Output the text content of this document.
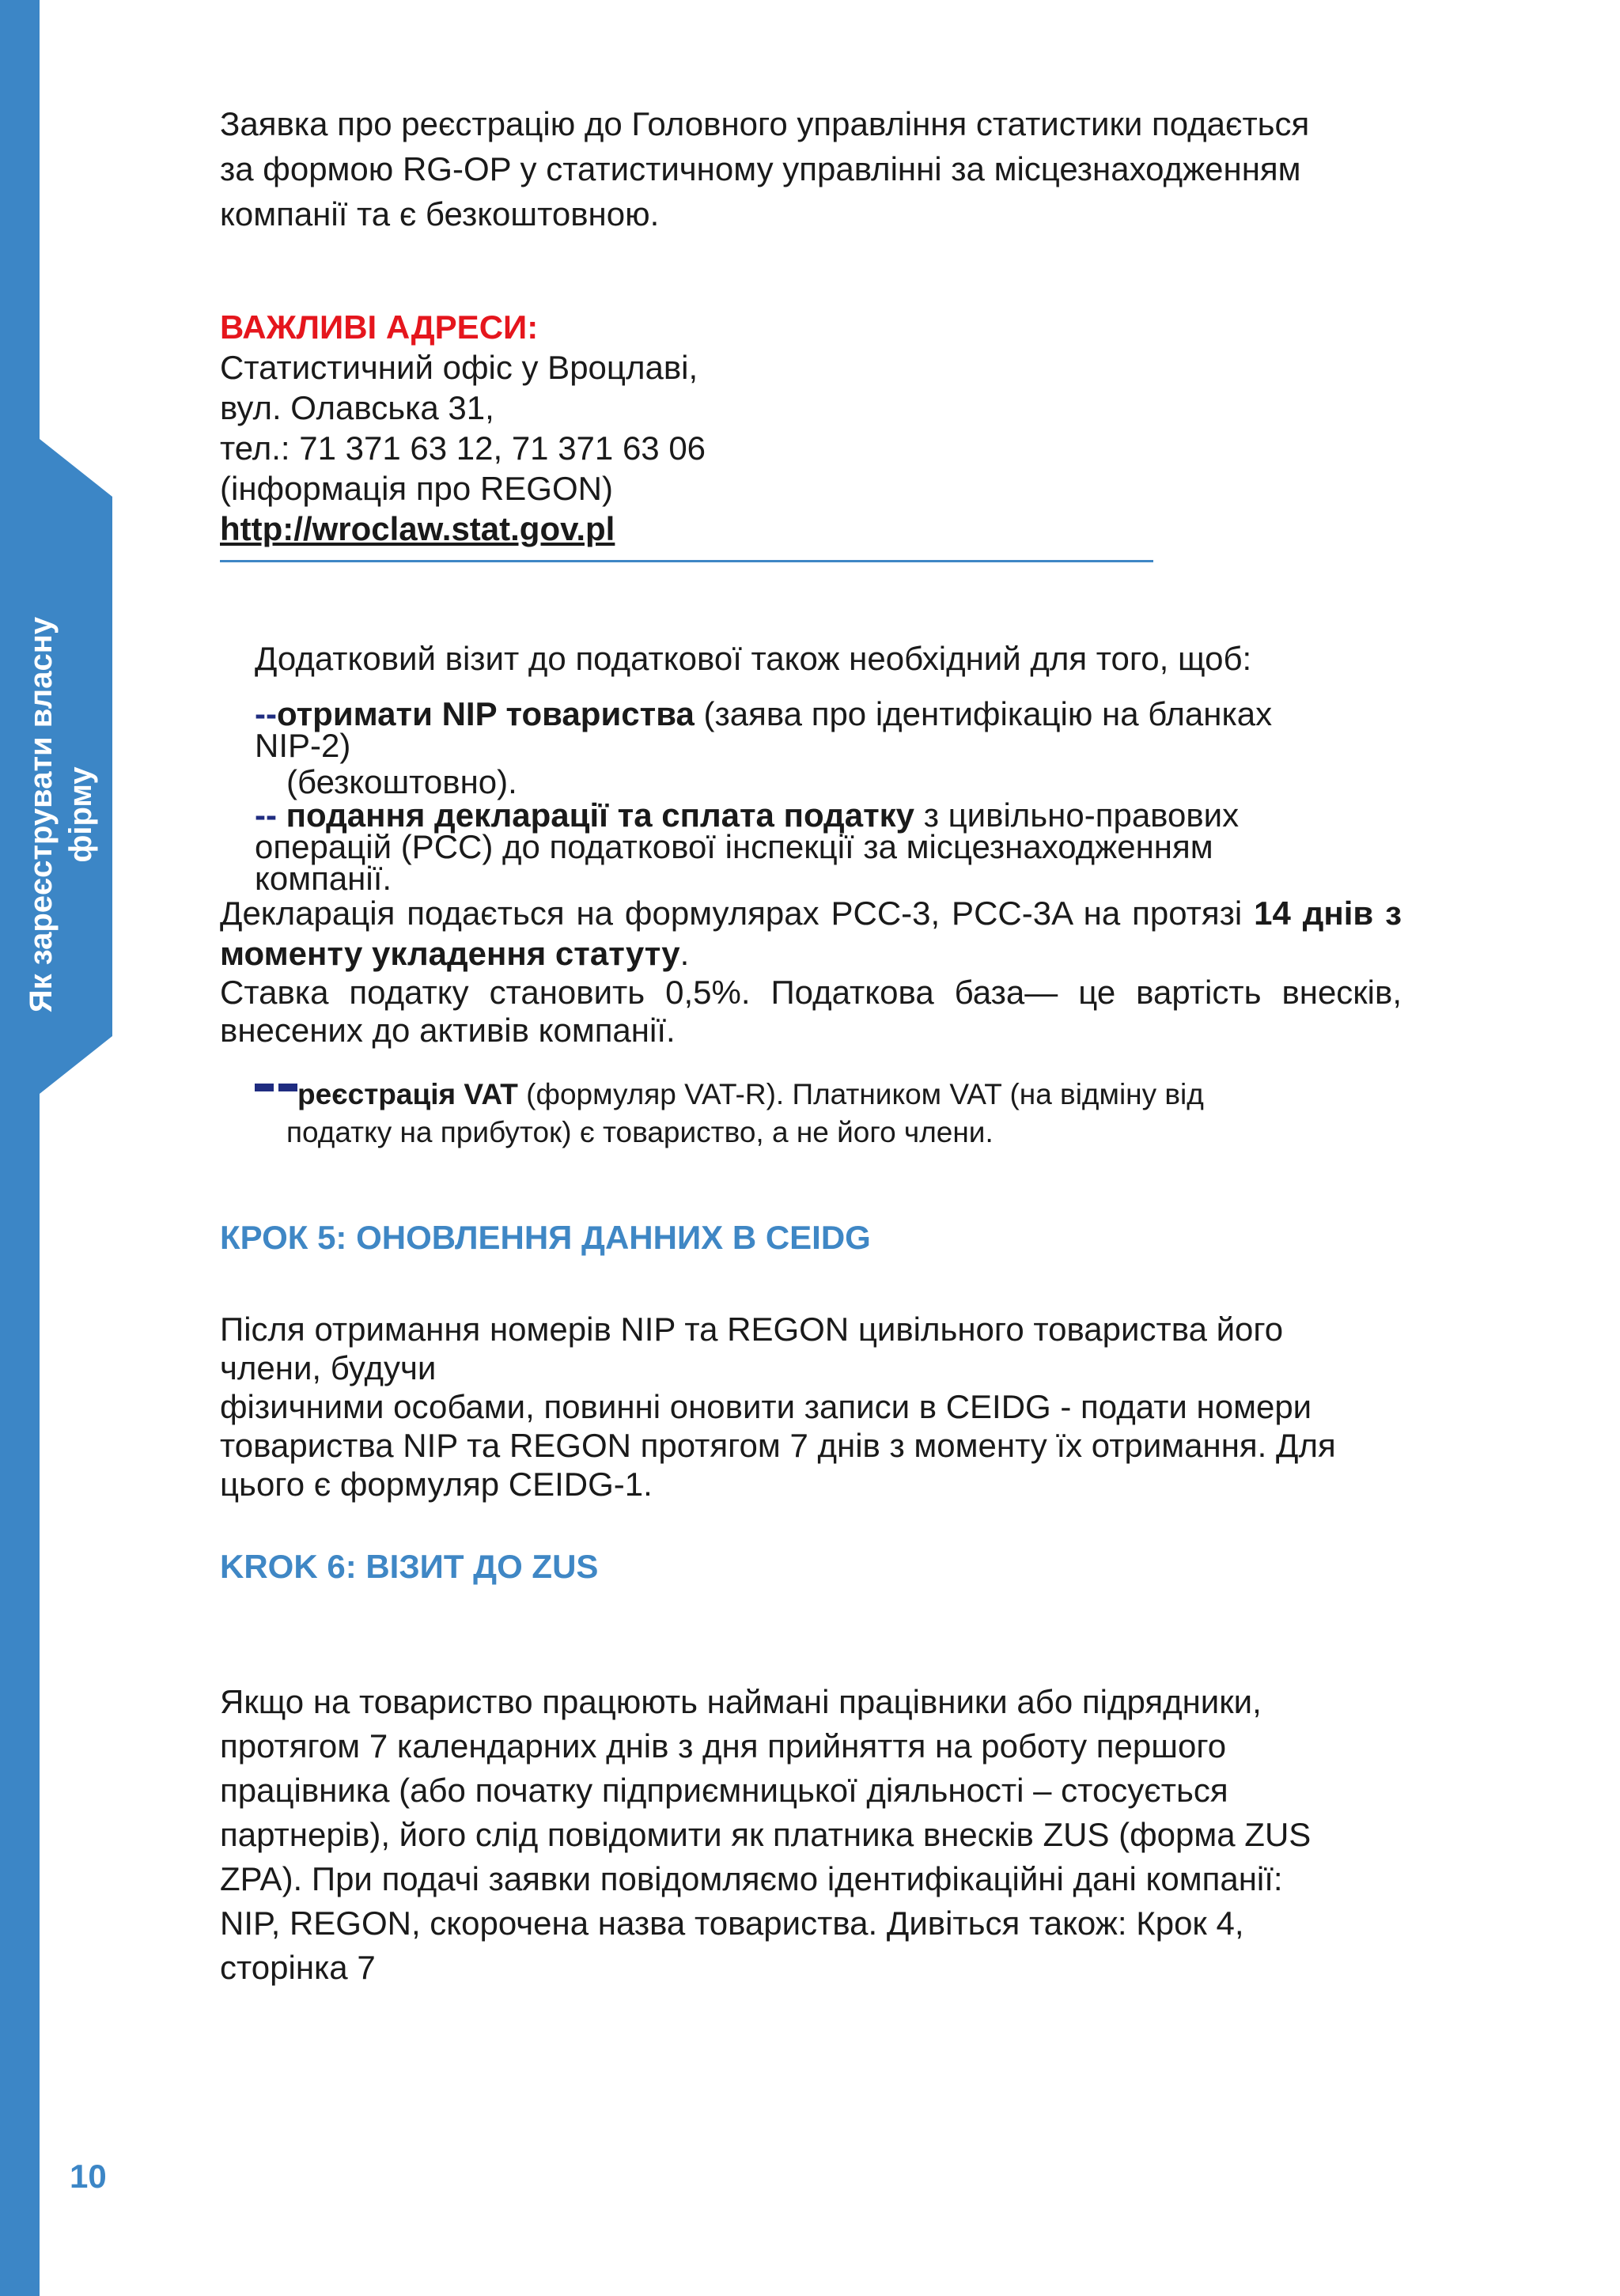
Як зареєструвати власну фірму
Заявка про реєстрацію до Головного управління статистики подається
за формою RG-OP у статистичному управлінні за місцезнаходженням
компанії та є безкоштовною.
ВАЖЛИВІ АДРЕСИ:
Статистичний офіс у Вроцлаві,
вул. Олавська 31,
тел.: 71 371 63 12, 71 371 63 06
(інформація про REGON)
http://wroclaw.stat.gov.pl
Додатковий візит до податкової також необхідний для того, щоб:
--отримати NIP товариства (заява про ідентифікацію на бланках
NIP-2)
(безкоштовно).
-- подання декларації та сплата податку з цивільно-правових
операцій (PCC) до податкової інспекції за місцезнаходженням
компанії.
Декларація подається на формулярах PCC-3, PCC-3A на протязі 14 днів з моменту укладення статуту.
Ставка податку становить 0,5%. Податкова база— це вартість внесків, внесених до активів компанії.
реєстрація VAT (формуляр VAT-R). Платником VAT (на відміну від
податку на прибуток) є товариство, а не його члени.
КРОК 5: ОНОВЛЕННЯ ДАННИХ В CEIDG
Після отримання номерів NIP та REGON цивільного товариства його
члени, будучи
фізичними особами, повинні оновити записи в CEIDG - подати номери
товариства NIP та REGON протягом 7 днів з моменту їх отримання. Для
цього є формуляр CEIDG-1.
KROK 6: ВІЗИТ ДО ZUS
Якщо на товариство працюють наймані працівники або підрядники,
протягом 7 календарних днів з дня прийняття на роботу першого
працівника (або початку підприємницької діяльності – стосується
партнерів), його слід повідомити як платника внесків ZUS (форма ZUS
ZPA). При подачі заявки повідомляємо ідентифікаційні дані компанії:
NIP, REGON, скорочена назва товариства. Дивіться також: Крок 4,
сторінка 7
10
